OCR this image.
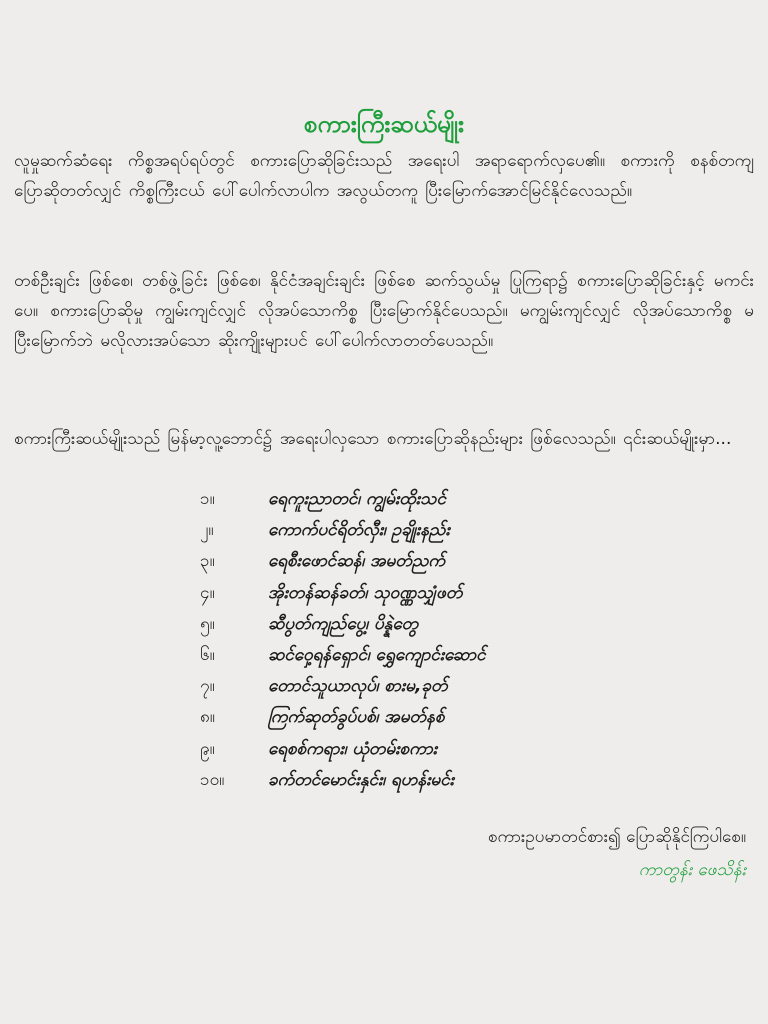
စကားကြီးဆယ်မျိုး
လူမှုဆက်ဆံရေး ကိစ္စအရပ်ရပ်တွင် စကားပြောဆိုခြင်းသည် အရေးပါ အရာရောက်လှပေ၏။ စကားကို စနစ်တကျ ပြောဆိုတတ်လျှင် ကိစ္စကြီးငယ် ပေါ်ပေါက်လာပါက အလွယ်တကူ ပြီးမြောက်အောင်မြင်နိုင်လေသည်။
တစ်ဦးချင်း ဖြစ်စေ၊ တစ်ဖွဲ့ခြင်း ဖြစ်စေ၊ နိုင်ငံအချင်းချင်း ဖြစ်စေ ဆက်သွယ်မှု ပြုကြရာ၌ စကားပြောဆိုခြင်းနှင့် မကင်းပေ။ စကားပြောဆိုမှု ကျွမ်းကျင်လျှင် လိုအပ်သောကိစ္စ ပြီးမြောက်နိုင်ပေသည်။ မကျွမ်းကျင်လျှင် လိုအပ်သောကိစ္စ မပြီးမြောက်ဘဲ မလိုလားအပ်သော ဆိုးကျိုးများပင် ပေါ်ပေါက်လာတတ်ပေသည်။
စကားကြီးဆယ်မျိုးသည် မြန်မာ့လူ့ဘောင်၌ အရေးပါလှသော စကားပြောဆိုနည်းများ ဖြစ်လေသည်။ ၎င်းဆယ်မျိုးမှာ...
၁။	ရေကူးညာတင်၊ ကျွမ်းထိုးသင်
၂။	ကောက်ပင်ရိတ်လှီး၊ ဥချိုးနည်း
၃။	ရေစီးဖောင်ဆန်၊ အမတ်ညက်
၄။	အိုးတန်ဆန်ခတ်၊ သုဝဏ္ဏသျှံဖတ်
၅။	ဆီပွတ်ကျည်ပွေ့၊ ပိန္နဲတွေ
၆။	ဆင်ဝှေ့ရန်ရှောင်၊ ရွှေကျောင်းဆောင်
၇။	တောင်သူယာလုပ်၊ စားမ,ခုတ်
၈။	ကြက်ဆုတ်ခွပ်ပစ်၊ အမတ်နစ်
၉။	ရေစစ်ကရား၊ ယုံတမ်းစကား
၁၀။	ခက်တင်မောင်းနှင်း၊ ရဟန်းမင်း
စကားဥပမာတင်စား၍ ပြောဆိုနိုင်ကြပါစေ။
ကာတွန်း ဖေသိန်း
